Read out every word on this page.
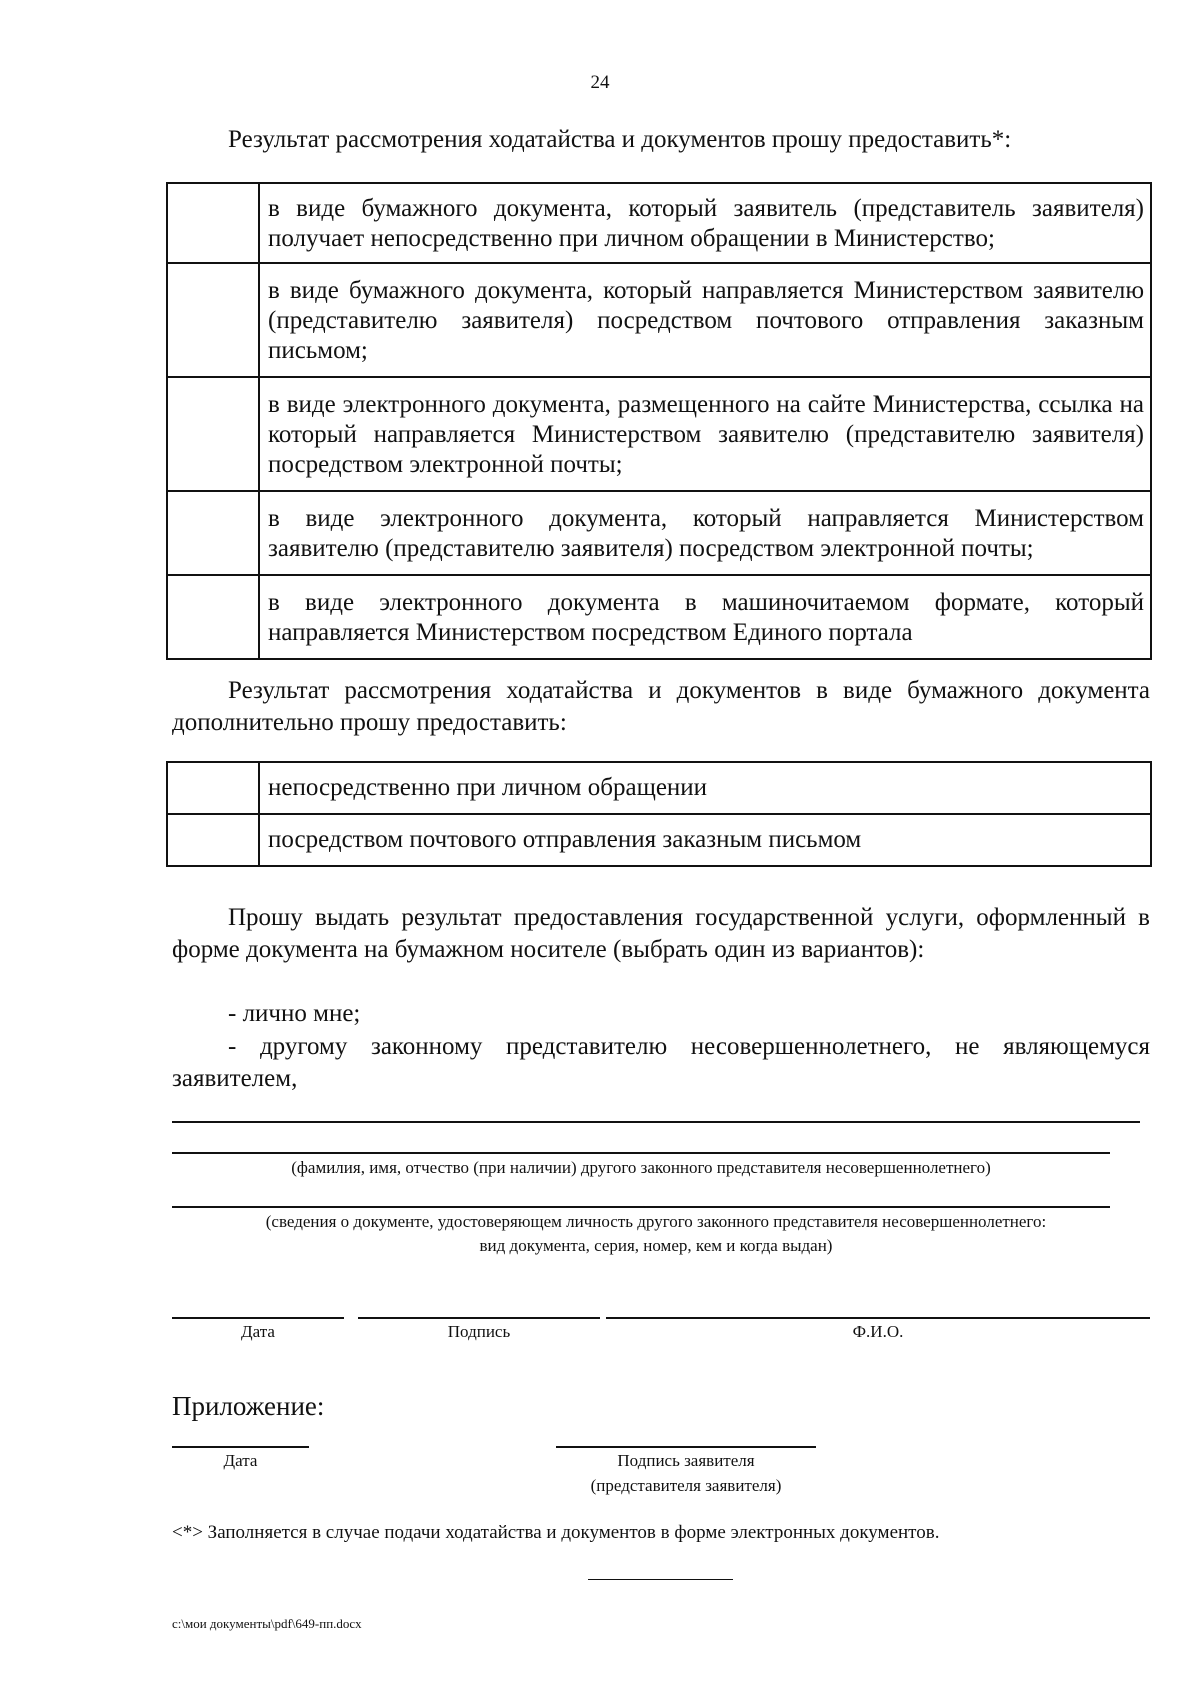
24
Результат рассмотрения ходатайства и документов прошу предоставить*:
	в виде бумажного документа, который заявитель (представитель заявителя) получает непосредственно при личном обращении в Министерство;
	в виде бумажного документа, который направляется Министерством заявителю (представителю заявителя) посредством почтового отправления заказным письмом;
	в виде электронного документа, размещенного на сайте Министерства, ссылка на который направляется Министерством заявителю (представителю заявителя) посредством электронной почты;
	в виде электронного документа, который направляется Министерством заявителю (представителю заявителя) посредством электронной почты;
	в виде электронного документа в машиночитаемом формате, который направляется Министерством посредством Единого портала
Результат рассмотрения ходатайства и документов в виде бумажного документа дополнительно прошу предоставить:
	непосредственно при личном обращении
	посредством почтового отправления заказным письмом
Прошу выдать результат предоставления государственной услуги, оформленный в форме документа на бумажном носителе (выбрать один из вариантов):
- лично мне;
- другому законному представителю несовершеннолетнего, не являющемуся заявителем,
(фамилия, имя, отчество (при наличии) другого законного представителя несовершеннолетнего)
(сведения о документе, удостоверяющем личность другого законного представителя несовершеннолетнего:
вид документа, серия, номер, кем и когда выдан)
Дата	Подпись	Ф.И.О.
Приложение:
Дата	Подпись заявителя
(представителя заявителя)
<*> Заполняется в случае подачи ходатайства и документов в форме электронных документов.
c:\мои документы\pdf\649-пп.docx
